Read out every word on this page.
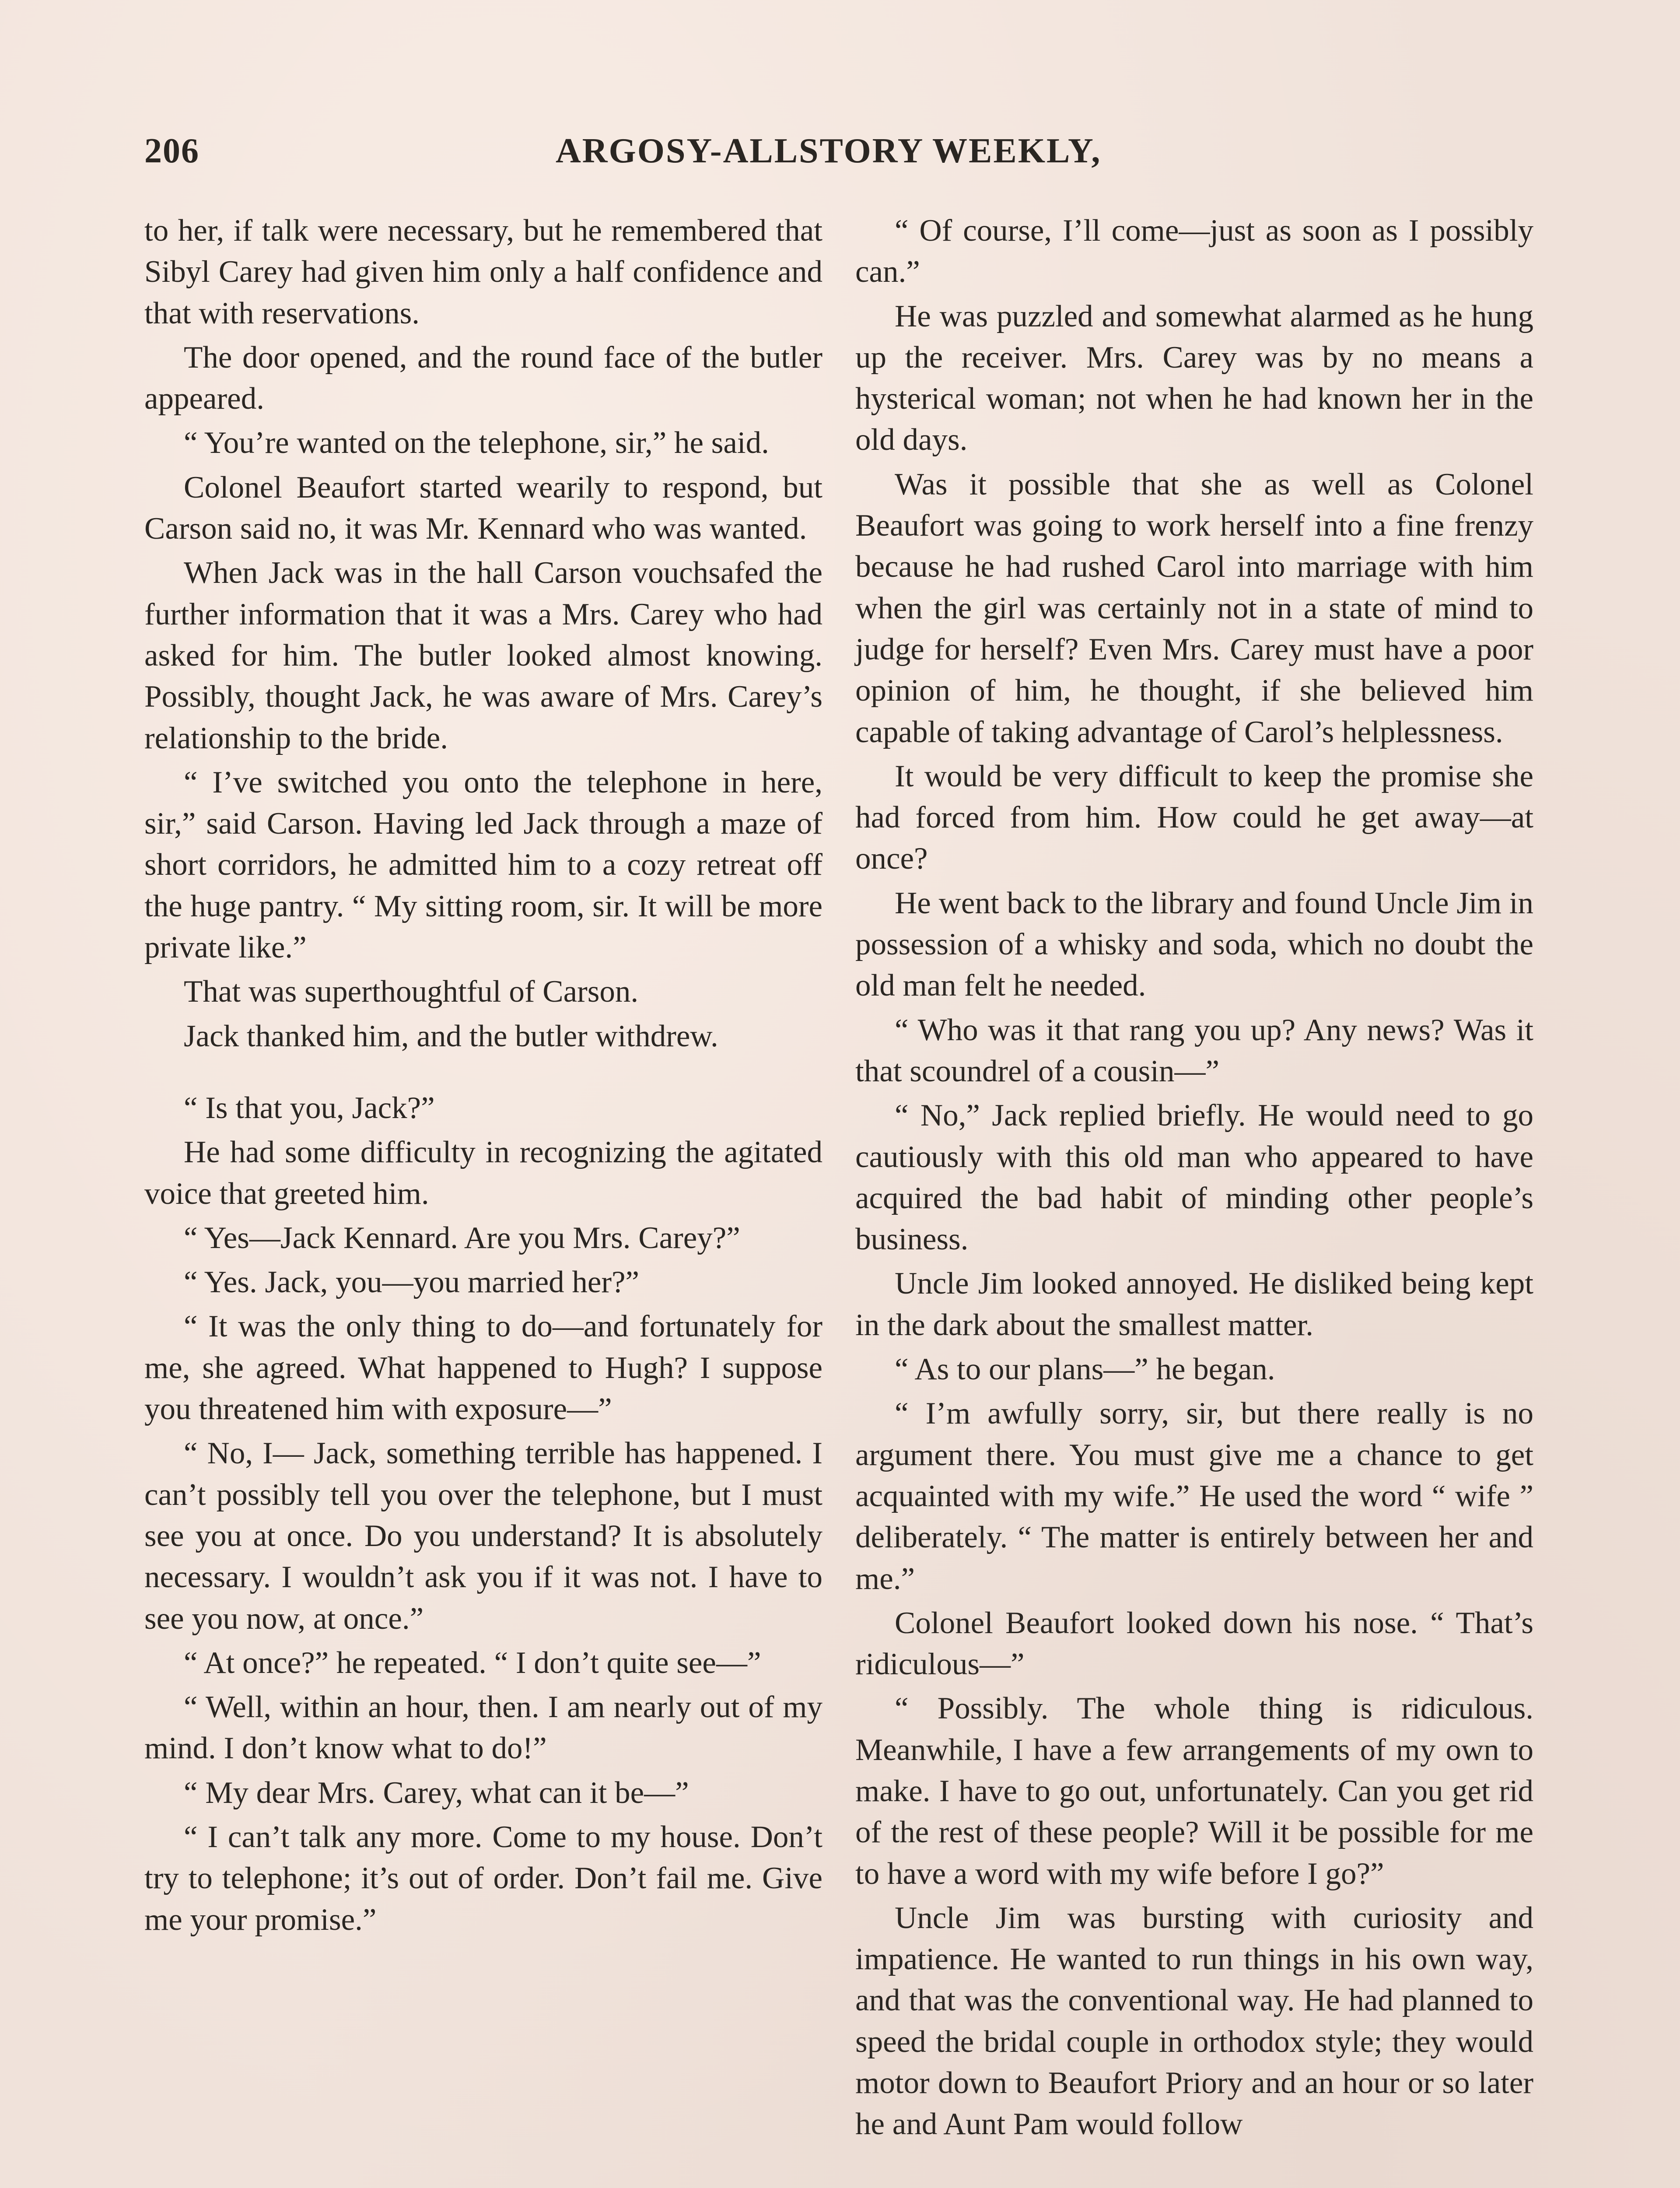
206	ARGOSY-ALLSTORY WEEKLY,

to her, if talk were necessary, but he remembered that Sibyl Carey had given him only a half confidence and that with reservations.

The door opened, and the round face of the butler appeared.

“ You’re wanted on the telephone, sir,” he said.

Colonel Beaufort started wearily to respond, but Carson said no, it was Mr. Kennard who was wanted.

When Jack was in the hall Carson vouchsafed the further information that it was a Mrs. Carey who had asked for him. The butler looked almost knowing. Possibly, thought Jack, he was aware of Mrs. Carey’s relationship to the bride.

“ I’ve switched you onto the telephone in here, sir,” said Carson. Having led Jack through a maze of short corridors, he admitted him to a cozy retreat off the huge pantry. “ My sitting room, sir. It will be more private like.”

That was superthoughtful of Carson.

Jack thanked him, and the butler withdrew.

“ Is that you, Jack?”

He had some difficulty in recognizing the agitated voice that greeted him.

“ Yes—Jack Kennard. Are you Mrs. Carey?”

“ Yes. Jack, you—you married her?”

“ It was the only thing to do—and fortunately for me, she agreed. What happened to Hugh? I suppose you threatened him with exposure—”

“ No, I— Jack, something terrible has happened. I can’t possibly tell you over the telephone, but I must see you at once. Do you understand? It is absolutely necessary. I wouldn’t ask you if it was not. I have to see you now, at once.”

“ At once?” he repeated. “ I don’t quite see—”

“ Well, within an hour, then. I am nearly out of my mind. I don’t know what to do!”

“ My dear Mrs. Carey, what can it be—”

“ I can’t talk any more. Come to my house. Don’t try to telephone; it’s out of order. Don’t fail me. Give me your promise.”

“ Of course, I’ll come—just as soon as I possibly can.”

He was puzzled and somewhat alarmed as he hung up the receiver. Mrs. Carey was by no means a hysterical woman; not when he had known her in the old days.

Was it possible that she as well as Colonel Beaufort was going to work herself into a fine frenzy because he had rushed Carol into marriage with him when the girl was certainly not in a state of mind to judge for herself? Even Mrs. Carey must have a poor opinion of him, he thought, if she believed him capable of taking advantage of Carol’s helplessness.

It would be very difficult to keep the promise she had forced from him. How could he get away—at once?

He went back to the library and found Uncle Jim in possession of a whisky and soda, which no doubt the old man felt he needed.

“ Who was it that rang you up? Any news? Was it that scoundrel of a cousin—”

“ No,” Jack replied briefly. He would need to go cautiously with this old man who appeared to have acquired the bad habit of minding other people’s business.

Uncle Jim looked annoyed. He disliked being kept in the dark about the smallest matter.

“ As to our plans—” he began.

“ I’m awfully sorry, sir, but there really is no argument there. You must give me a chance to get acquainted with my wife.” He used the word “ wife ” deliberately. “ The matter is entirely between her and me.”

Colonel Beaufort looked down his nose. “ That’s ridiculous—”

“ Possibly. The whole thing is ridiculous. Meanwhile, I have a few arrangements of my own to make. I have to go out, unfortunately. Can you get rid of the rest of these people? Will it be possible for me to have a word with my wife before I go?”

Uncle Jim was bursting with curiosity and impatience. He wanted to run things in his own way, and that was the conventional way. He had planned to speed the bridal couple in orthodox style; they would motor down to Beaufort Priory and an hour or so later he and Aunt Pam would follow
